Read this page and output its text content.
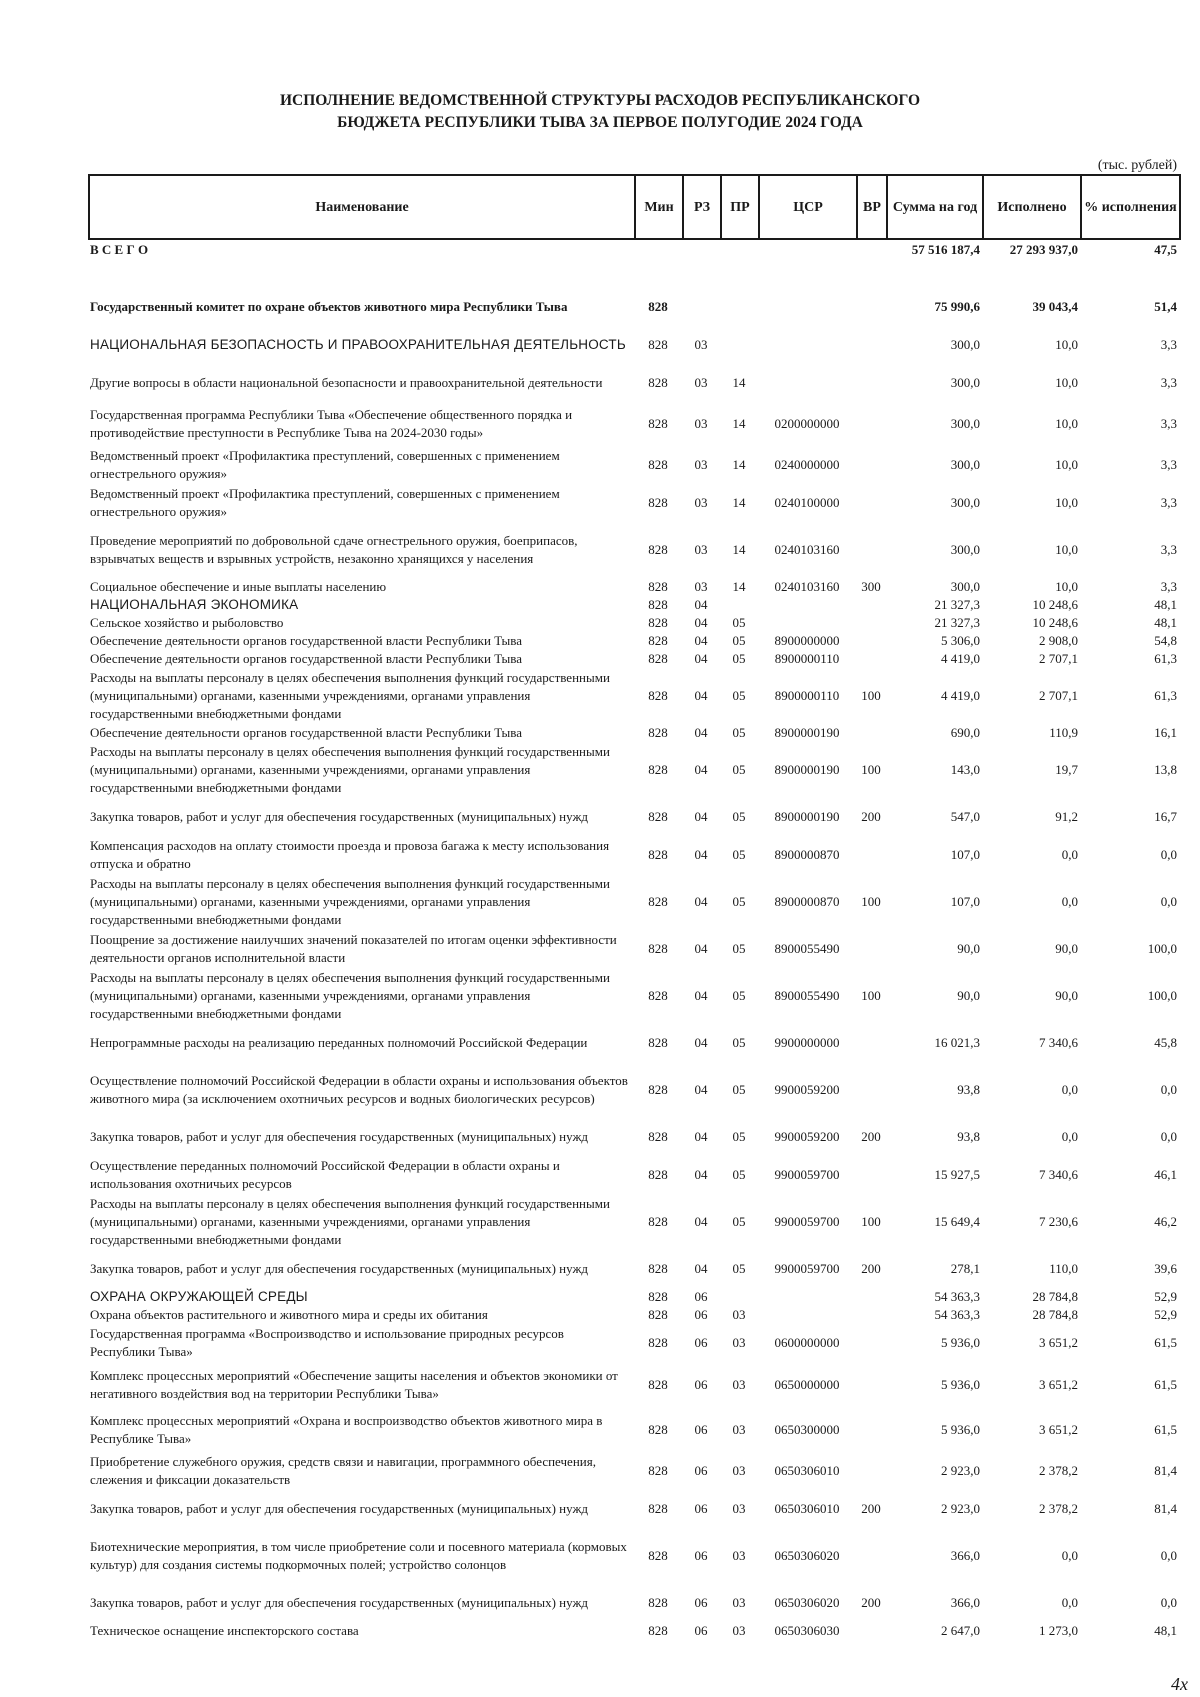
ИСПОЛНЕНИЕ ВЕДОМСТВЕННОЙ СТРУКТУРЫ РАСХОДОВ РЕСПУБЛИКАНСКОГО
БЮДЖЕТА РЕСПУБЛИКИ ТЫВА ЗА ПЕРВОЕ ПОЛУГОДИЕ 2024 ГОДА
(тыс. рублей)
Наименование	Мин	РЗ	ПР	ЦСР	ВР	Сумма на год	Исполнено	% исполнения
В С Е Г О						57 516 187,4	27 293 937,0	47,5

Государственный комитет по охране объектов животного мира Республики Тыва	828					75 990,6	39 043,4	51,4
НАЦИОНАЛЬНАЯ БЕЗОПАСНОСТЬ И ПРАВООХРАНИТЕЛЬНАЯ ДЕЯТЕЛЬНОСТЬ	828	03				300,0	10,0	3,3
Другие вопросы в области национальной безопасности и правоохранительной деятельности	828	03	14			300,0	10,0	3,3
Государственная программа Республики Тыва «Обеспечение общественного порядка и противодействие преступности в Республике Тыва на 2024-2030 годы»	828	03	14	0200000000		300,0	10,0	3,3
Ведомственный проект «Профилактика преступлений, совершенных с применением огнестрельного оружия»	828	03	14	0240000000		300,0	10,0	3,3
Ведомственный проект «Профилактика преступлений, совершенных с применением огнестрельного оружия»	828	03	14	0240100000		300,0	10,0	3,3
Проведение мероприятий по добровольной сдаче огнестрельного оружия, боеприпасов, взрывчатых веществ и взрывных устройств, незаконно хранящихся у населения	828	03	14	0240103160		300,0	10,0	3,3
Социальное обеспечение и иные выплаты населению	828	03	14	0240103160	300	300,0	10,0	3,3
НАЦИОНАЛЬНАЯ ЭКОНОМИКА	828	04				21 327,3	10 248,6	48,1
Сельское хозяйство и рыболовство	828	04	05			21 327,3	10 248,6	48,1
Обеспечение деятельности органов государственной власти Республики Тыва	828	04	05	8900000000		5 306,0	2 908,0	54,8
Обеспечение деятельности органов государственной власти Республики Тыва	828	04	05	8900000110		4 419,0	2 707,1	61,3
Расходы на выплаты персоналу в целях обеспечения выполнения функций государственными (муниципальными) органами, казенными учреждениями, органами управления государственными внебюджетными фондами	828	04	05	8900000110	100	4 419,0	2 707,1	61,3
Обеспечение деятельности органов государственной власти Республики Тыва	828	04	05	8900000190		690,0	110,9	16,1
Расходы на выплаты персоналу в целях обеспечения выполнения функций государственными (муниципальными) органами, казенными учреждениями, органами управления государственными внебюджетными фондами	828	04	05	8900000190	100	143,0	19,7	13,8
Закупка товаров, работ и услуг для обеспечения государственных (муниципальных) нужд	828	04	05	8900000190	200	547,0	91,2	16,7
Компенсация расходов на оплату стоимости проезда и провоза багажа к месту использования отпуска и обратно	828	04	05	8900000870		107,0	0,0	0,0
Расходы на выплаты персоналу в целях обеспечения выполнения функций государственными (муниципальными) органами, казенными учреждениями, органами управления государственными внебюджетными фондами	828	04	05	8900000870	100	107,0	0,0	0,0
Поощрение за достижение наилучших значений показателей по итогам оценки эффективности деятельности органов исполнительной власти	828	04	05	8900055490		90,0	90,0	100,0
Расходы на выплаты персоналу в целях обеспечения выполнения функций государственными (муниципальными) органами, казенными учреждениями, органами управления государственными внебюджетными фондами	828	04	05	8900055490	100	90,0	90,0	100,0
Непрограммные расходы на реализацию переданных полномочий Российской Федерации	828	04	05	9900000000		16 021,3	7 340,6	45,8
Осуществление полномочий Российской Федерации в области охраны и использования объектов животного мира (за исключением охотничьих ресурсов и водных биологических ресурсов)	828	04	05	9900059200		93,8	0,0	0,0
Закупка товаров, работ и услуг для обеспечения государственных (муниципальных) нужд	828	04	05	9900059200	200	93,8	0,0	0,0
Осуществление переданных полномочий Российской Федерации в области охраны и использования охотничьих ресурсов	828	04	05	9900059700		15 927,5	7 340,6	46,1
Расходы на выплаты персоналу в целях обеспечения выполнения функций государственными (муниципальными) органами, казенными учреждениями, органами управления государственными внебюджетными фондами	828	04	05	9900059700	100	15 649,4	7 230,6	46,2
Закупка товаров, работ и услуг для обеспечения государственных (муниципальных) нужд	828	04	05	9900059700	200	278,1	110,0	39,6
ОХРАНА ОКРУЖАЮЩЕЙ СРЕДЫ	828	06				54 363,3	28 784,8	52,9
Охрана объектов растительного и животного мира и среды их обитания	828	06	03			54 363,3	28 784,8	52,9
Государственная программа «Воспроизводство и использование природных ресурсов Республики Тыва»	828	06	03	0600000000		5 936,0	3 651,2	61,5
Комплекс процессных мероприятий «Обеспечение защиты населения и объектов экономики от негативного воздействия вод на территории Республики Тыва»	828	06	03	0650000000		5 936,0	3 651,2	61,5
Комплекс процессных мероприятий «Охрана и воспроизводство объектов животного мира в Республике Тыва»	828	06	03	0650300000		5 936,0	3 651,2	61,5
Приобретение служебного оружия, средств связи и навигации, программного обеспечения, слежения и фиксации доказательств	828	06	03	0650306010		2 923,0	2 378,2	81,4
Закупка товаров, работ и услуг для обеспечения государственных (муниципальных) нужд	828	06	03	0650306010	200	2 923,0	2 378,2	81,4
Биотехнические мероприятия, в том числе приобретение соли и посевного материала (кормовых культур) для создания системы подкормочных полей; устройство солонцов	828	06	03	0650306020		366,0	0,0	0,0
Закупка товаров, работ и услуг для обеспечения государственных (муниципальных) нужд	828	06	03	0650306020	200	366,0	0,0	0,0
Техническое оснащение инспекторского состава	828	06	03	0650306030		2 647,0	1 273,0	48,1
4х
